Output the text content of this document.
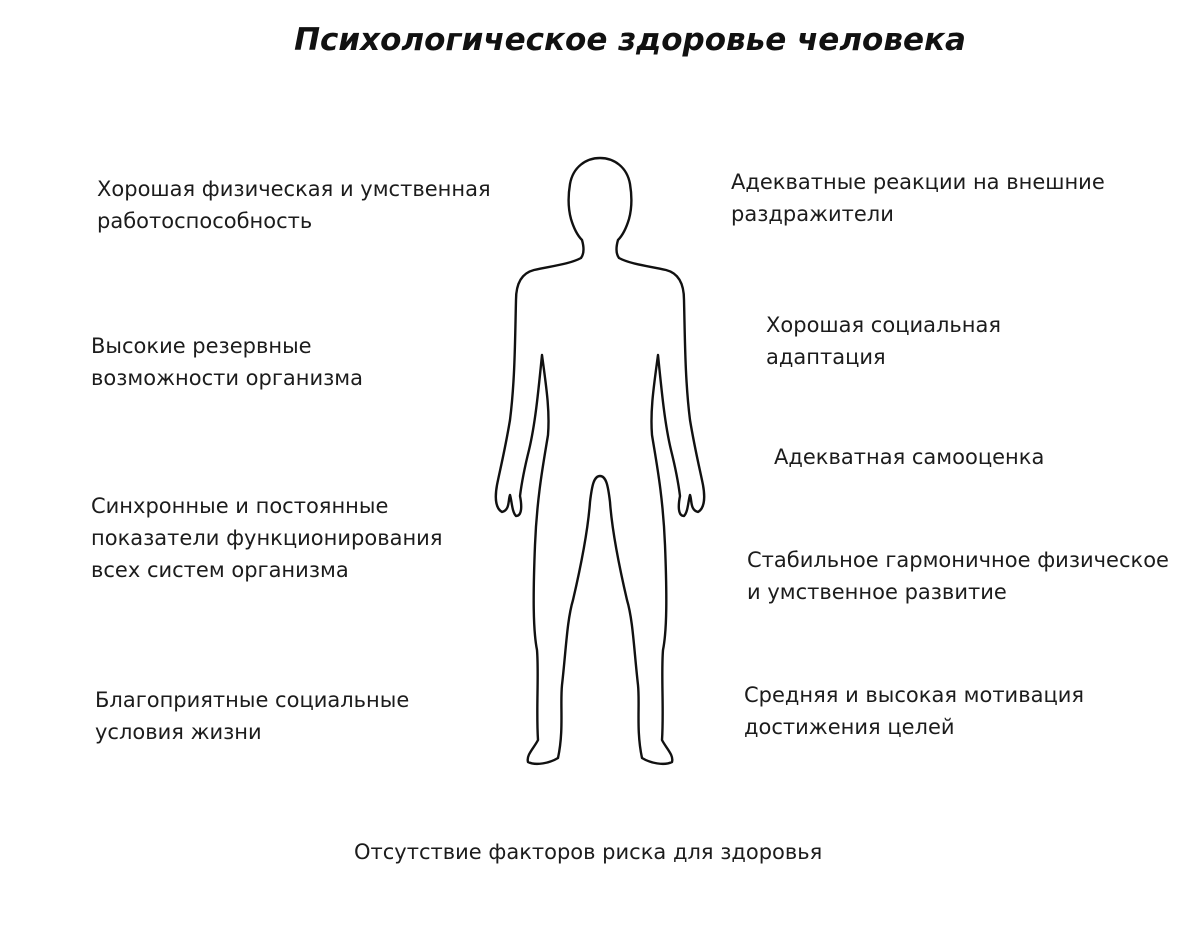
Психологическое здоровье человека
Хорошая физическая и умственная
работоспособность
Высокие резервные
возможности организма
Синхронные и постоянные
показатели функционирования
всех систем организма
Благоприятные социальные
условия жизни
Адекватные реакции на внешние
раздражители
Хорошая социальная
адаптация
Адекватная самооценка
Стабильное гармоничное физическое
и умственное развитие
Средняя и высокая мотивация
достижения целей
Отсутствие факторов риска для здоровья
